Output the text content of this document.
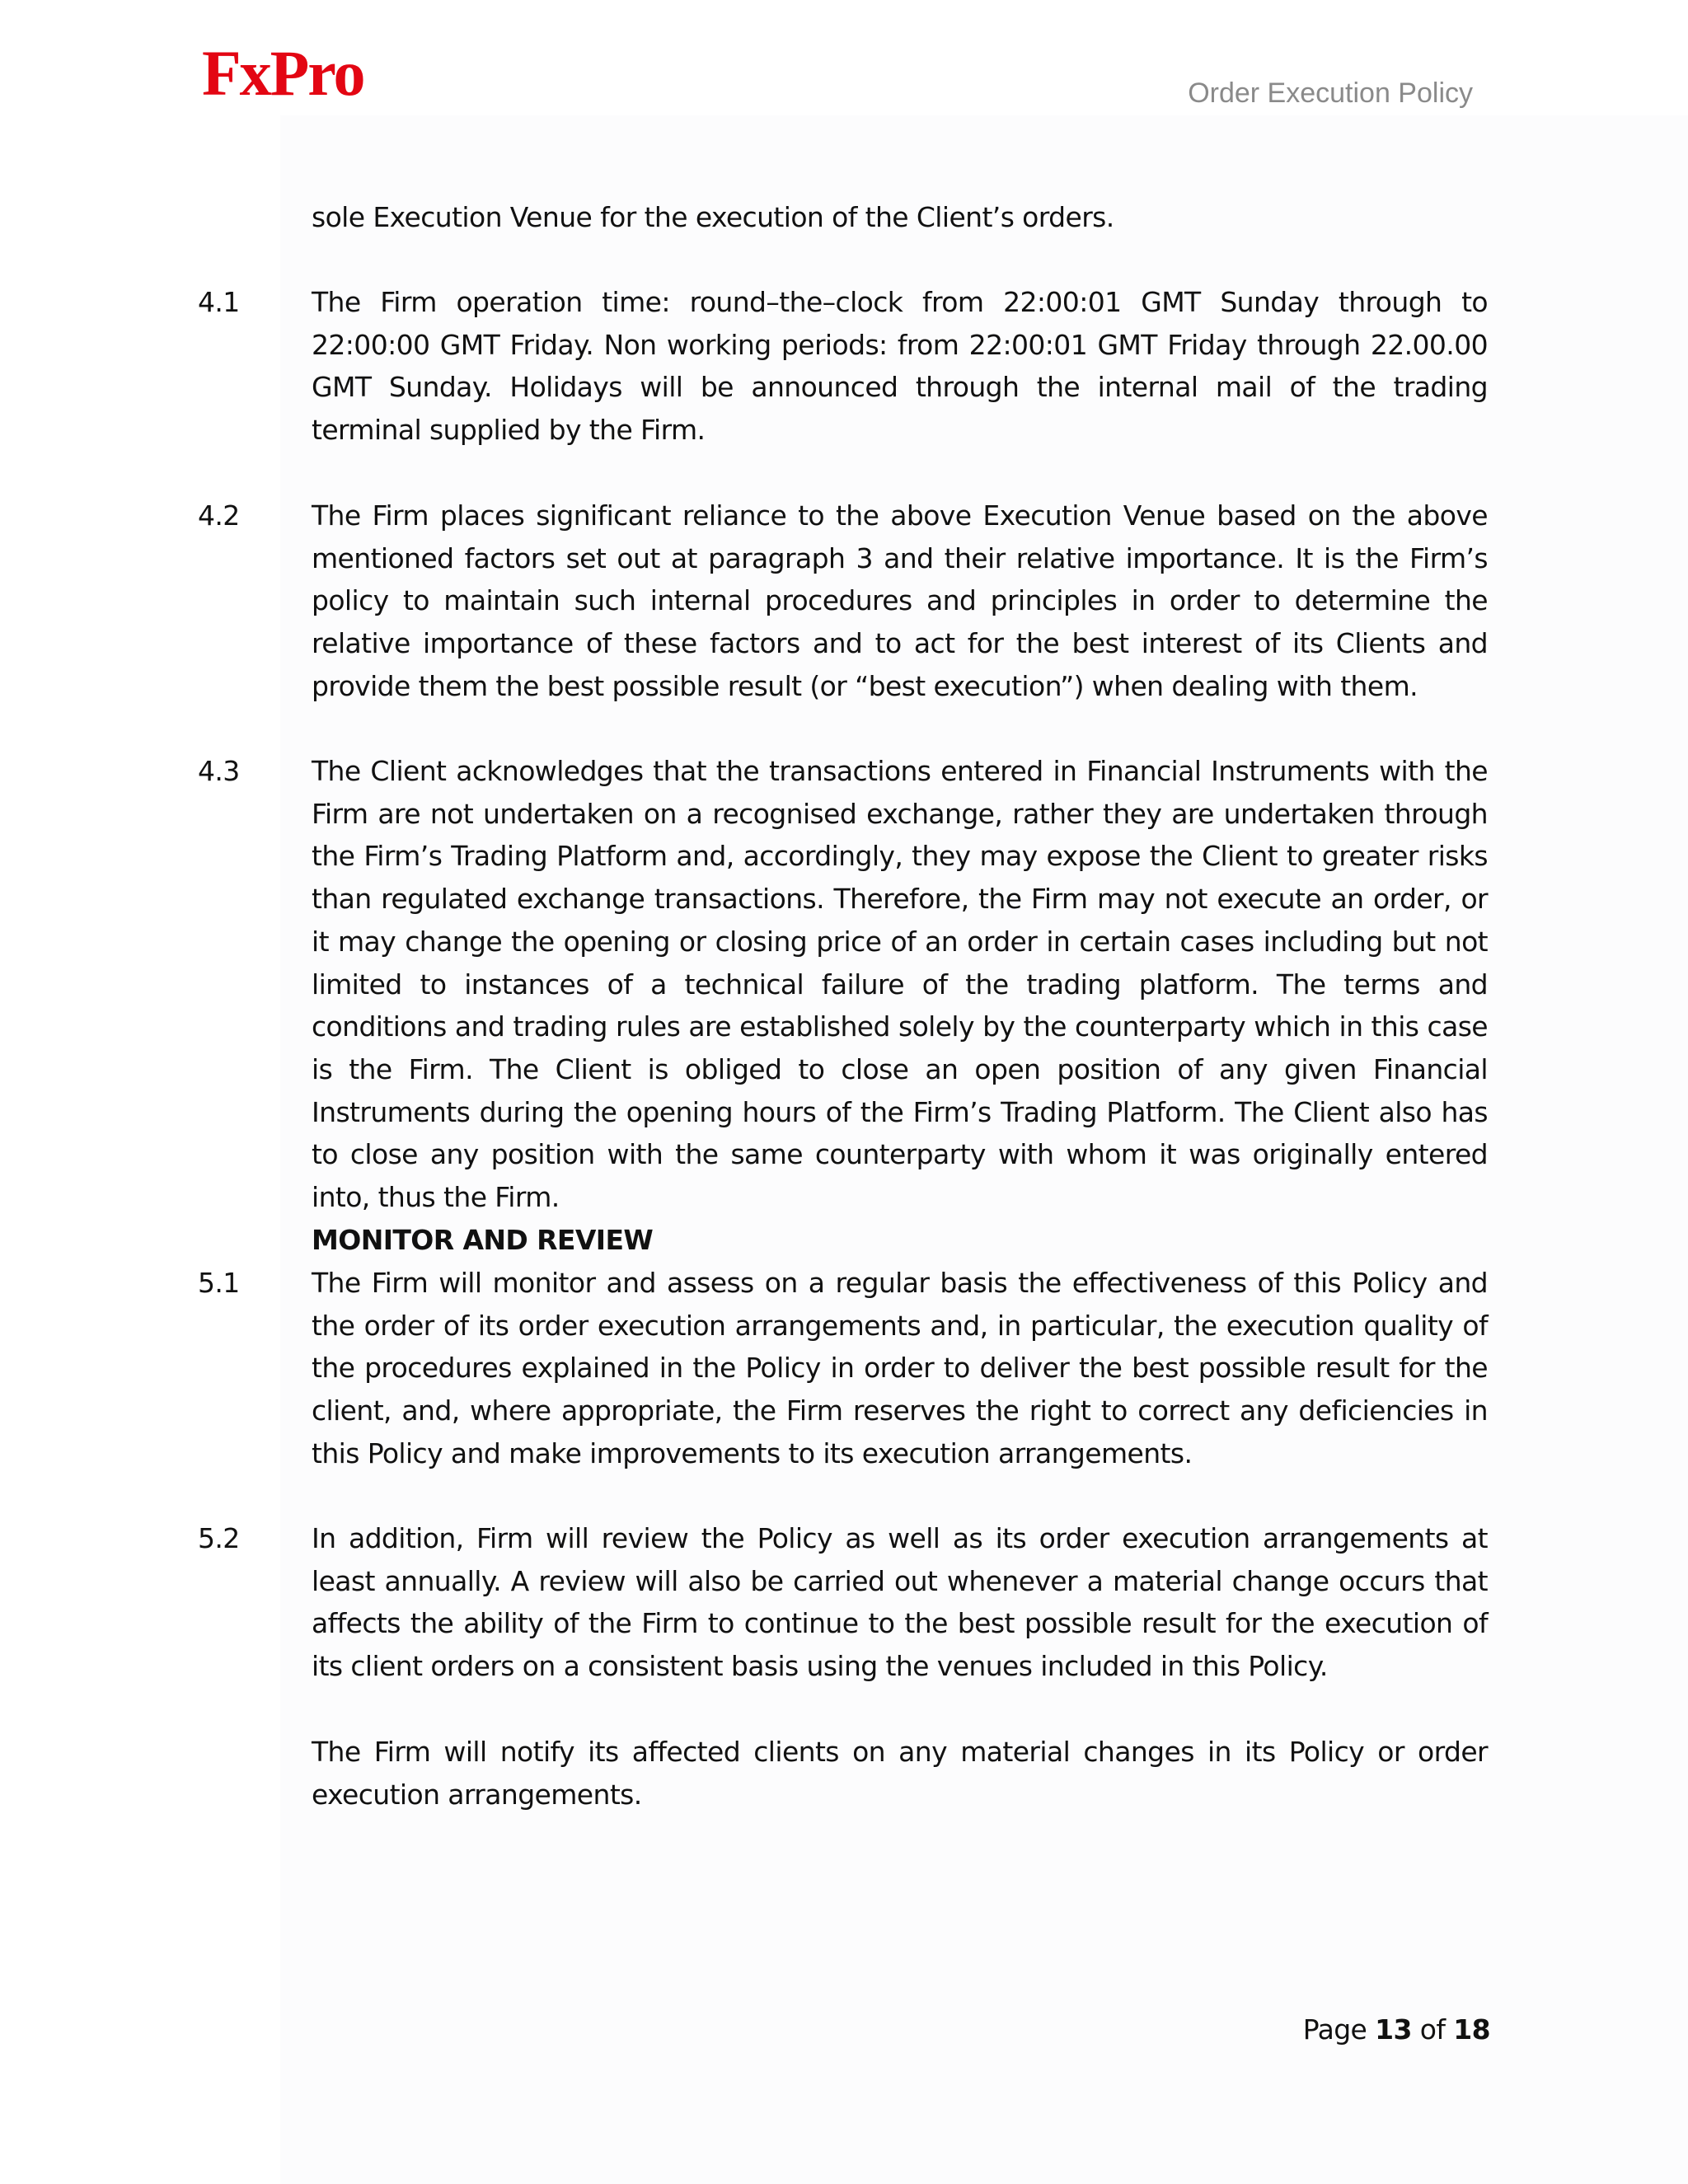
FxPro	Order Execution Policy
sole Execution Venue for the execution of the Client’s orders.
4.1	The Firm operation time: round–the–clock from 22:00:01 GMT Sunday through to 22:00:00 GMT Friday. Non working periods: from 22:00:01 GMT Friday through 22.00.00 GMT Sunday. Holidays will be announced through the internal mail of the trading terminal supplied by the Firm.
4.2	The Firm places significant reliance to the above Execution Venue based on the above mentioned factors set out at paragraph 3 and their relative importance. It is the Firm’s policy to maintain such internal procedures and principles in order to determine the relative importance of these factors and to act for the best interest of its Clients and provide them the best possible result (or “best execution”) when dealing with them.
4.3	The Client acknowledges that the transactions entered in Financial Instruments with the Firm are not undertaken on a recognised exchange, rather they are undertaken through the Firm’s Trading Platform and, accordingly, they may expose the Client to greater risks than regulated exchange transactions. Therefore, the Firm may not execute an order, or it may change the opening or closing price of an order in certain cases including but not limited to instances of a technical failure of the trading platform. The terms and conditions and trading rules are established solely by the counterparty which in this case is the Firm. The Client is obliged to close an open position of any given Financial Instruments during the opening hours of the Firm’s Trading Platform. The Client also has to close any position with the same counterparty with whom it was originally entered into, thus the Firm.
MONITOR AND REVIEW
5.1	The Firm will monitor and assess on a regular basis the effectiveness of this Policy and the order of its order execution arrangements and, in particular, the execution quality of the procedures explained in the Policy in order to deliver the best possible result for the client, and, where appropriate, the Firm reserves the right to correct any deficiencies in this Policy and make improvements to its execution arrangements.
5.2	In addition, Firm will review the Policy as well as its order execution arrangements at least annually. A review will also be carried out whenever a material change occurs that affects the ability of the Firm to continue to the best possible result for the execution of its client orders on a consistent basis using the venues included in this Policy.
The Firm will notify its affected clients on any material changes in its Policy or order execution arrangements.
Page 13 of 18
